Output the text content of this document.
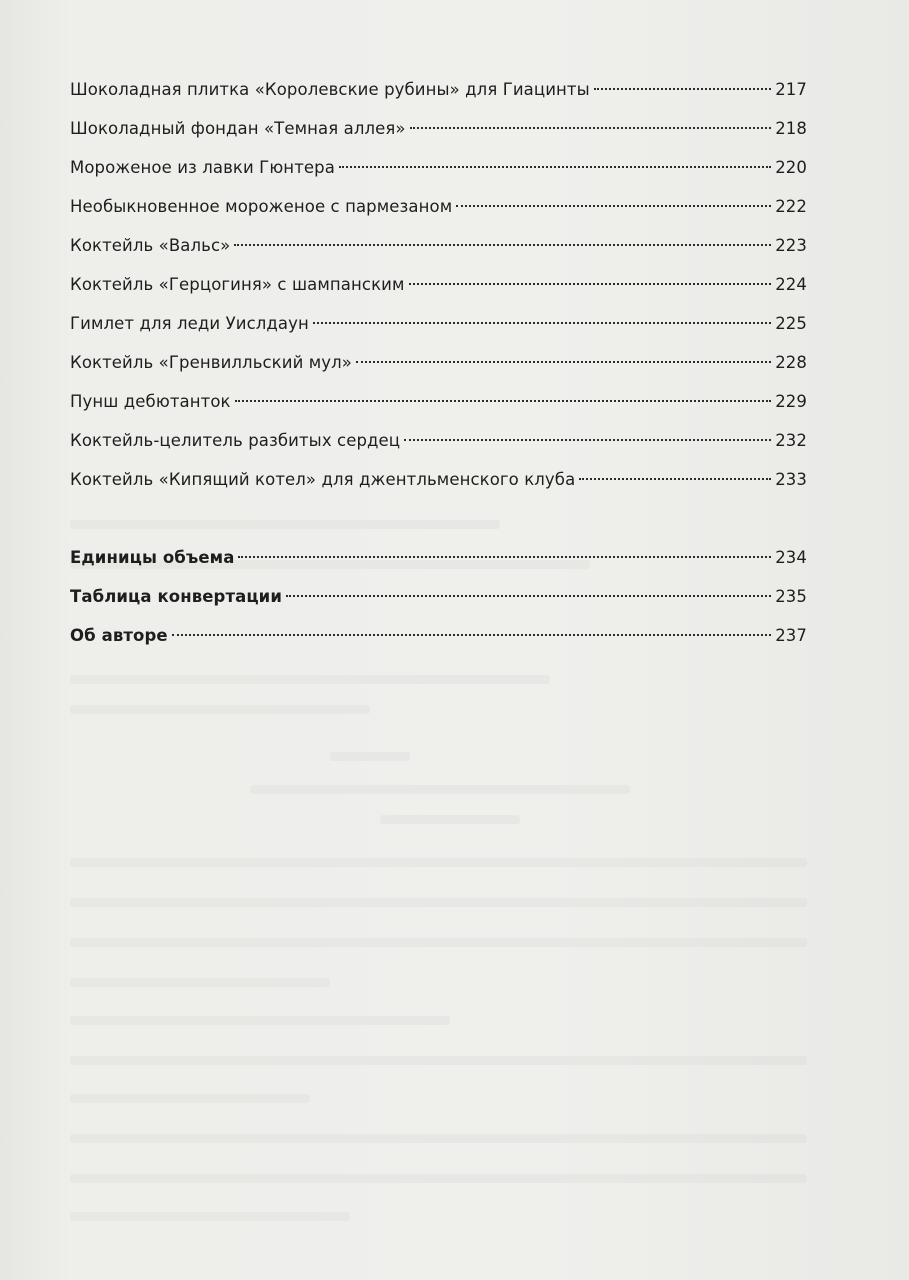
Шоколадная плитка «Королевские рубины» для Гиацинты	217
Шоколадный фондан «Темная аллея»	218
Мороженое из лавки Гюнтера	220
Необыкновенное мороженое с пармезаном	222
Коктейль «Вальс»	223
Коктейль «Герцогиня» с шампанским	224
Гимлет для леди Уислдаун	225
Коктейль «Гренвилльский мул»	228
Пунш дебютанток	229
Коктейль-целитель разбитых сердец	232
Коктейль «Кипящий котел» для джентльменского клуба	233
Единицы объема	234
Таблица конвертации	235
Об авторе	237
